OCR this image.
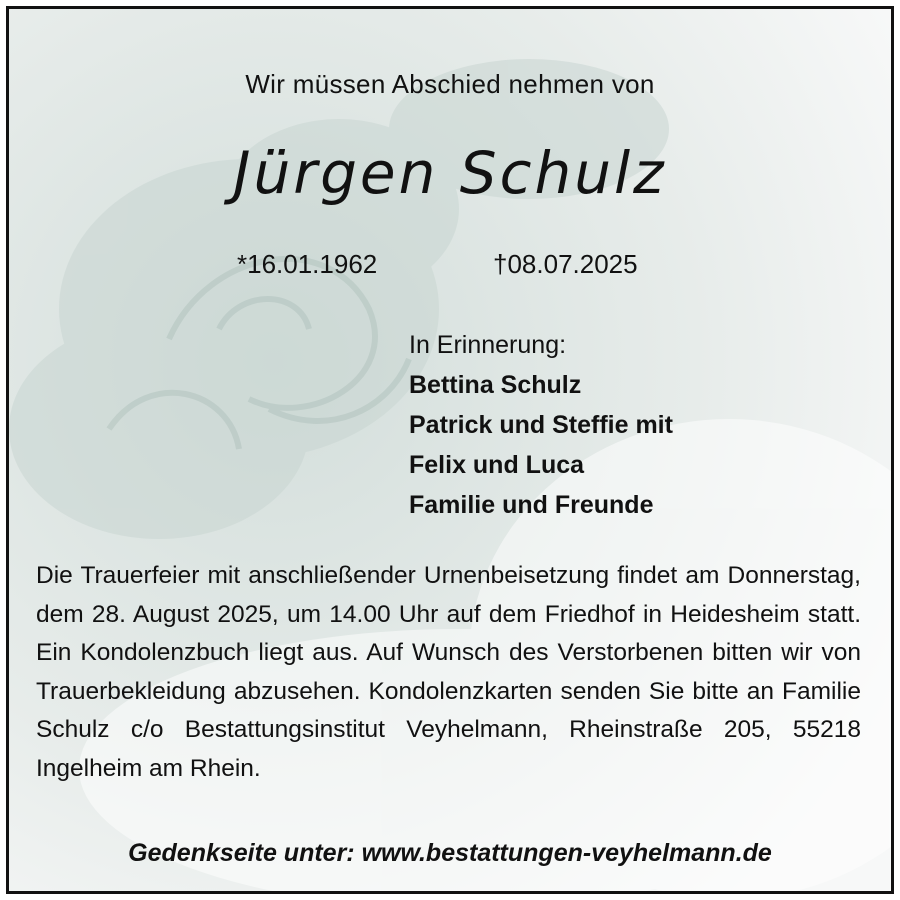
Wir müssen Abschied nehmen von
Jürgen Schulz
*16.01.1962	†08.07.2025
In Erinnerung:
Bettina Schulz
Patrick und Steffie mit
Felix und Luca
Familie und Freunde
Die Trauerfeier mit anschließender Urnenbeisetzung findet am Donnerstag, dem 28. August 2025, um 14.00 Uhr auf dem Friedhof in Heidesheim statt. Ein Kondolenzbuch liegt aus. Auf Wunsch des Verstorbenen bitten wir von Trauerbekleidung abzusehen. Kondolenzkarten senden Sie bitte an Familie Schulz c/o Bestattungsinstitut Veyhelmann, Rheinstraße 205, 55218 Ingelheim am Rhein.
Gedenkseite unter: www.bestattungen-veyhelmann.de
